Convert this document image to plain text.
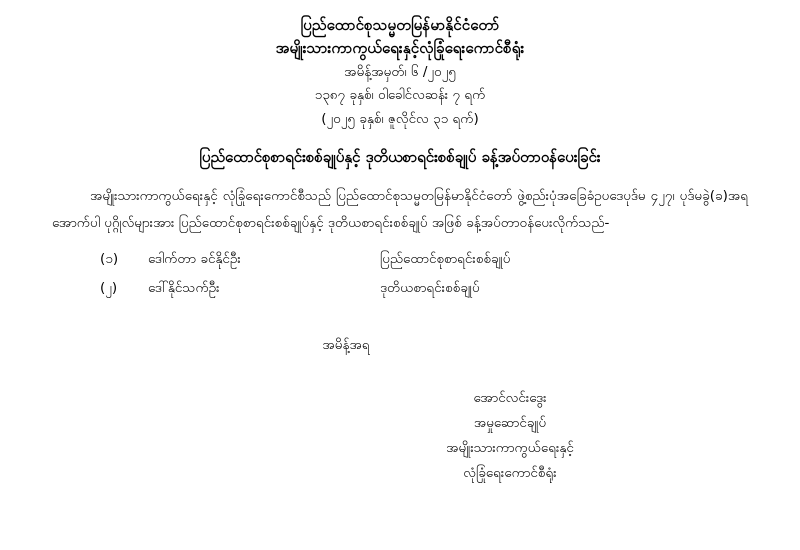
ပြည်ထောင်စုသမ္မတမြန်မာနိုင်ငံတော်
အမျိုးသားကာကွယ်ရေးနှင့်လုံခြုံရေးကောင်စီရုံး
အမိန့်အမှတ်၊ ၆ /၂၀၂၅
၁၃၈၇ ခုနှစ်၊ ဝါခေါင်လဆန်း ၇ ရက်
(၂၀၂၅ ခုနှစ်၊ ဇူလိုင်လ ၃၁ ရက်)
ပြည်ထောင်စုစာရင်းစစ်ချုပ်နှင့် ဒုတိယစာရင်းစစ်ချုပ် ခန့်အပ်တာဝန်ပေးခြင်း
အမျိုးသားကာကွယ်ရေးနှင့် လုံခြုံရေးကောင်စီသည် ပြည်ထောင်စုသမ္မတမြန်မာနိုင်ငံတော် ဖွဲ့စည်းပုံအခြေခံဥပဒေပုဒ်မ ၄၂၇၊ ပုဒ်မခွဲ(ခ)အရ အောက်ပါ ပုဂ္ဂိုလ်များအား ပြည်ထောင်စုစာရင်းစစ်ချုပ်နှင့် ဒုတိယစာရင်းစစ်ချုပ် အဖြစ် ခန့်အပ်တာဝန်ပေးလိုက်သည်-
(၁)	ဒေါက်တာ ခင်နိုင်ဦး	ပြည်ထောင်စုစာရင်းစစ်ချုပ်
(၂)	ဒေါ်နိုင်သက်ဦး	ဒုတိယစာရင်းစစ်ချုပ်
အမိန့်အရ
အောင်လင်းဒွေး
အမှုဆောင်ချုပ်
အမျိုးသားကာကွယ်ရေးနှင့်
လုံခြုံရေးကောင်စီရုံး
